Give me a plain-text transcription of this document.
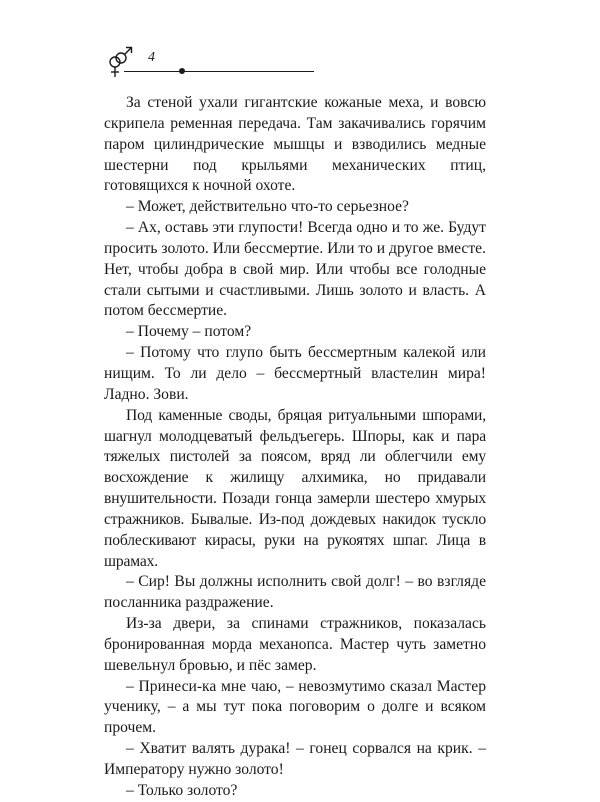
4

За стеной ухали гигантские кожаные меха, и вовсю скрипела ременная передача. Там закачивались горячим паром цилиндрические мышцы и взводились медные шестерни под крыльями механических птиц, готовящихся к ночной охоте.

– Может, действительно что-то серьезное?

– Ах, оставь эти глупости! Всегда одно и то же. Будут просить золото. Или бессмертие. Или то и другое вместе. Нет, чтобы добра в свой мир. Или чтобы все голодные стали сытыми и счастливыми. Лишь золото и власть. А потом бессмертие.

– Почему – потом?

– Потому что глупо быть бессмертным калекой или нищим. То ли дело – бессмертный властелин мира! Ладно. Зови.

Под каменные своды, бряцая ритуальными шпорами, шагнул молодцеватый фельдъегерь. Шпоры, как и пара тяжелых пистолей за поясом, вряд ли облегчили ему восхождение к жилищу алхимика, но придавали внушительности. Позади гонца замерли шестеро хмурых стражников. Бывалые. Из-под дождевых накидок тускло поблескивают кирасы, руки на рукоятях шпаг. Лица в шрамах.

– Сир! Вы должны исполнить свой долг! – во взгляде посланника раздражение.

Из-за двери, за спинами стражников, показалась бронированная морда механопса. Мастер чуть заметно шевельнул бровью, и пёс замер.

– Принеси-ка мне чаю, – невозмутимо сказал Мастер ученику, – а мы тут пока поговорим о долге и всяком прочем.

– Хватит валять дурака! – гонец сорвался на крик. – Императору нужно золото!

– Только золото?
